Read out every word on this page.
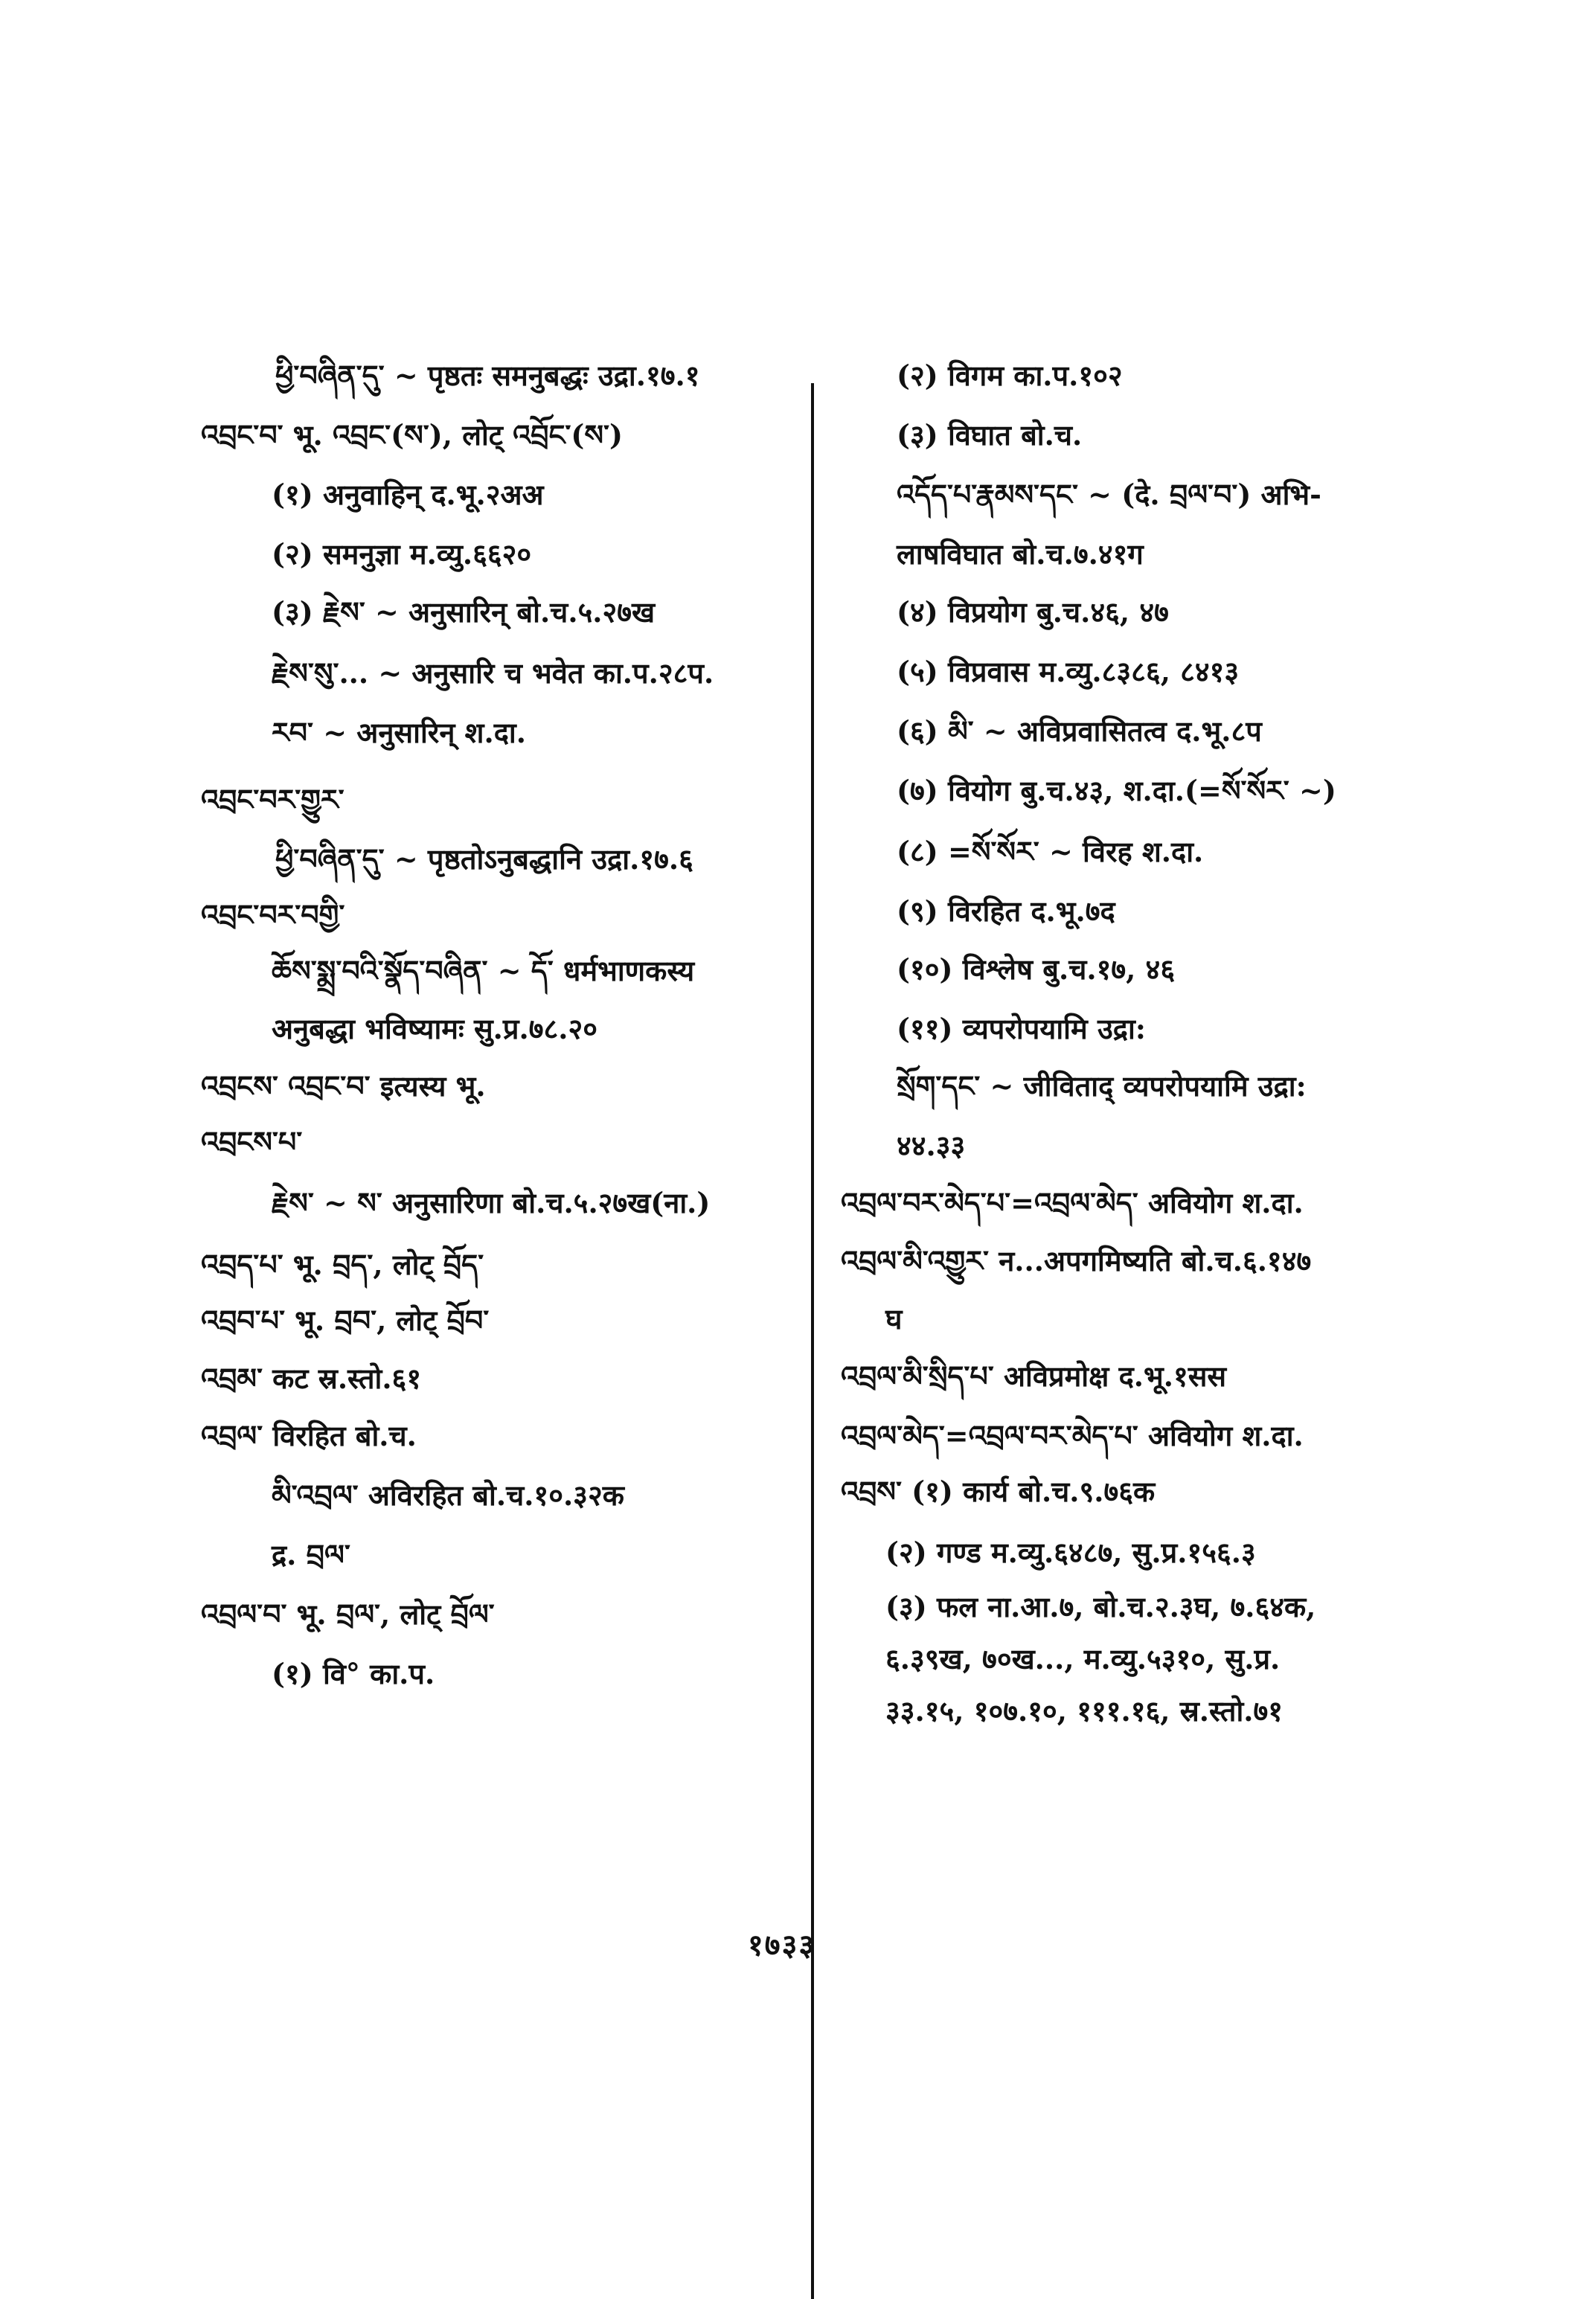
ཕྱི་བཞིན་དུ་ ~ पृष्ठतः समनुबद्धः उद्रा.१७.१
འབྲང་བ་ भू. འབྲང་(ས་), लोट् འབྲོང་(ས་)
(१) अनुवाहिन् द.भू.२अअ
(२) समनुज्ञा म.व्यु.६६२०
(३) རྗེས་ ~ अनुसारिन् बो.च.५.२७ख
རྗེས་སུ་... ~ अनुसारि च भवेत का.प.२८प.
རབ་ ~ अनुसारिन् श.दा.
འབྲང་བར་གྱུར་
ཕྱི་བཞིན་དུ་ ~ पृष्ठतोऽनुबद्धानि उद्रा.१७.६
འབྲང་བར་བགྱི་
ཆོས་སྨྲ་བའི་སྣོད་བཞིན་ ~ དོ་ धर्मभाणकस्य
अनुबद्धा भविष्यामः सु.प्र.७८.२०
འབྲངས་ འབྲང་བ་ इत्यस्य भू.
འབྲངས་པ་
རྗེས་ ~ ས་ अनुसारिणा बो.च.५.२७ख(ना.)
འབྲད་པ་ भू. བྲད་, लोट् བྲོད་
འབྲབ་པ་ भू. བྲབ་, लोट् བྲོབ་
འབྲམ་ कट स्र.स्तो.६१
འབྲལ་ विरहित बो.च.
མི་འབྲལ་ अविरहित बो.च.१०.३२क
द्र. བྲལ་
འབྲལ་བ་ भू. བྲལ་, लोट् བྲོལ་
(१) वि° का.प.
(२) विगम का.प.१०२
(३) विघात बो.च.
འདོད་པ་རྣམས་དང་ ~ (दे. བྲལ་བ་) अभि-
लाषविघात बो.च.७.४१ग
(४) विप्रयोग बु.च.४६, ४७
(५) विप्रवास म.व्यु.८३८६, ८४१३
(६) མི་ ~ अविप्रवासितत्व द.भू.८प
(७) वियोग बु.च.४३, श.दा.(=སོ་སོར་ ~)
(८) =སོ་སོར་ ~ विरह श.दा.
(९) विरहित द.भू.७द
(१०) विश्लेष बु.च.१७, ४६
(११) व्यपरोपयामि उद्रा:
སྲོག་དང་ ~ जीविताद् व्यपरोपयामि उद्रा:
४४.३३
འབྲལ་བར་མེད་པ་=འབྲལ་མེད་ अवियोग श.दा.
འབྲལ་མི་འགྱུར་ न...अपगमिष्यति बो.च.६.१४७
घ
འབྲལ་མི་སྲིད་པ་ अविप्रमोक्ष द.भू.१सस
འབྲལ་མེད་=འབྲལ་བར་མེད་པ་ अवियोग श.दा.
འབྲས་ (१) कार्य बो.च.९.७६क
(२) गण्ड म.व्यु.६४८७, सु.प्र.१५६.३
(३) फल ना.आ.७, बो.च.२.३घ, ७.६४क,
६.३९ख, ७०ख..., म.व्यु.५३१०, सु.प्र.
३३.१५, १०७.१०, १११.१६, स्र.स्तो.७१
१७३३
